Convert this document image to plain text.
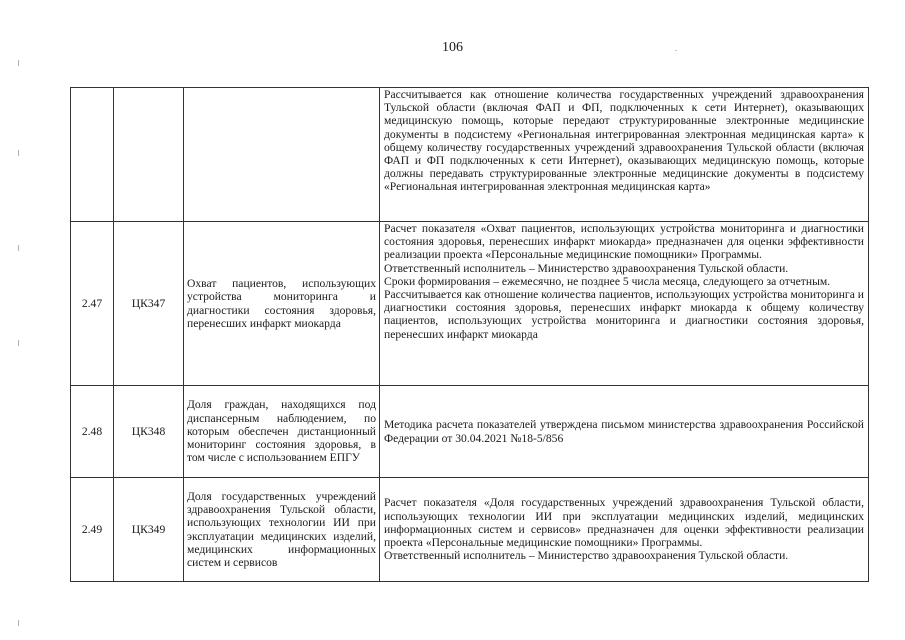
106

			Рассчитывается как отношение количества государственных учреждений здравоохранения Тульской области (включая ФАП и ФП, подключенных к сети Интернет), оказывающих медицинскую помощь, которые передают структурированные электронные медицинские документы в подсистему «Региональная интегрированная электронная медицинская карта» к общему количеству государственных учреждений здравоохранения Тульской области (включая ФАП и ФП подключенных к сети Интернет), оказывающих медицинскую помощь, которые должны передавать структурированные электронные медицинские документы в подсистему «Региональная интегрированная электронная медицинская карта»

2.47	ЦК347	Охват пациентов, использующих устройства мониторинга и диагностики состояния здоровья, перенесших инфаркт миокарда	Расчет показателя «Охват пациентов, использующих устройства мониторинга и диагностики состояния здоровья, перенесших инфаркт миокарда» предназначен для оценки эффективности реализации проекта «Персональные медицинские помощники» Программы.
Ответственный исполнитель – Министерство здравоохранения Тульской области.
Сроки формирования – ежемесячно, не позднее 5 числа месяца, следующего за отчетным.
Рассчитывается как отношение количества пациентов, использующих устройства мониторинга и диагностики состояния здоровья, перенесших инфаркт миокарда к общему количеству пациентов, использующих устройства мониторинга и диагностики состояния здоровья, перенесших инфаркт миокарда

2.48	ЦК348	Доля граждан, находящихся под диспансерным наблюдением, по которым обеспечен дистанционный мониторинг состояния здоровья, в том числе с использованием ЕПГУ	Методика расчета показателей утверждена письмом министерства здравоохранения Российской Федерации от 30.04.2021 №18-5/856

2.49	ЦК349	Доля государственных учреждений здравоохранения Тульской области, использующих технологии ИИ при эксплуатации медицинских изделий, медицинских информационных систем и сервисов	Расчет показателя «Доля государственных учреждений здравоохранения Тульской области, использующих технологии ИИ при эксплуатации медицинских изделий, медицинских информационных систем и сервисов» предназначен для оценки эффективности реализации проекта «Персональные медицинские помощники» Программы.
Ответственный исполнитель – Министерство здравоохранения Тульской области.
